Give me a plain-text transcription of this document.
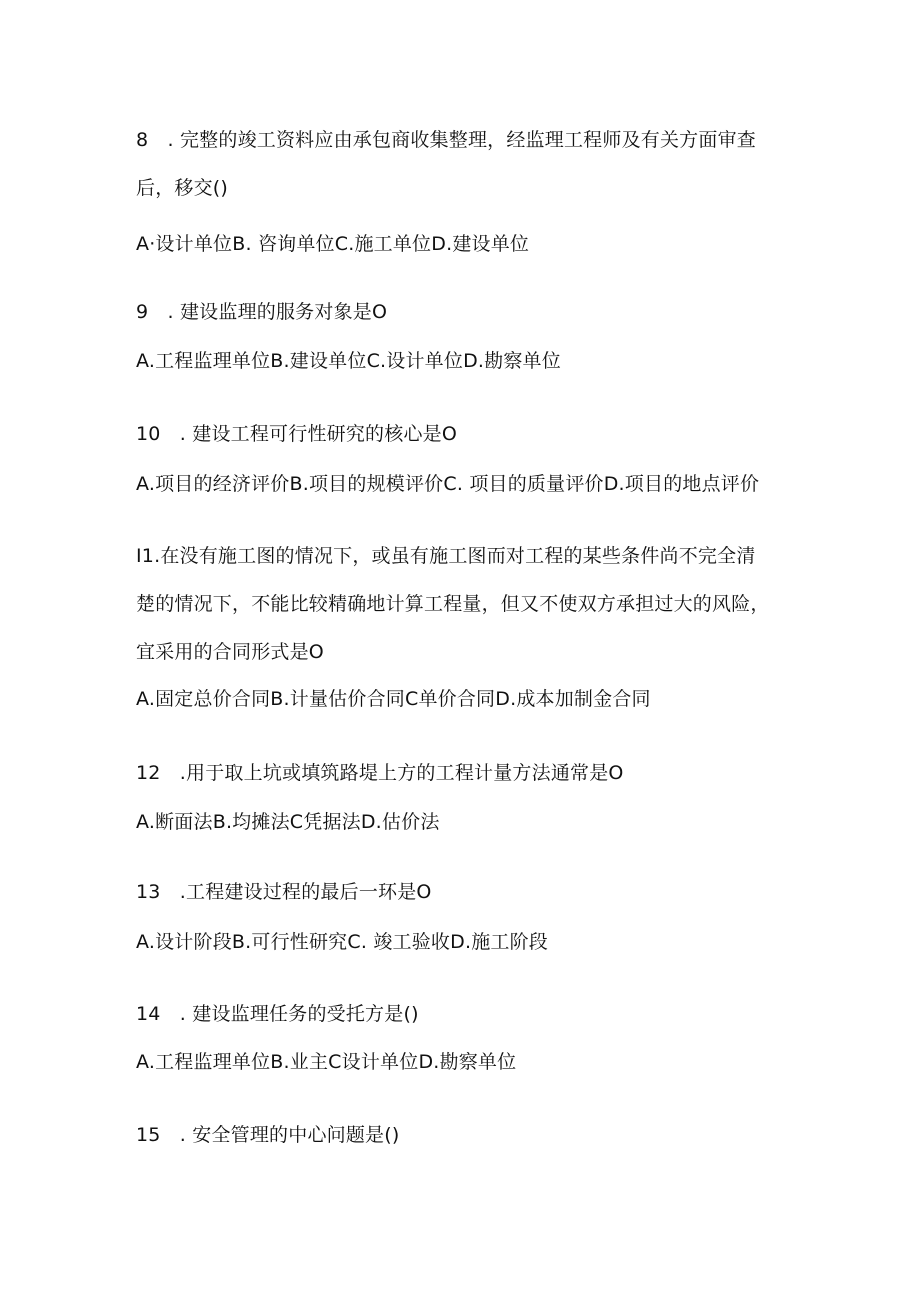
8　. 完整的竣工资料应由承包商收集整理，经监理工程师及有关方面审查
后，移交()
A·设计单位B. 咨询单位C.施工单位D.建设单位
9　. 建设监理的服务对象是O
A.工程监理单位B.建设单位C.设计单位D.勘察单位
10　. 建设工程可行性研究的核心是O
A.项目的经济评价B.项目的规模评价C. 项目的质量评价D.项目的地点评价
I1.在没有施工图的情况下，或虽有施工图而对工程的某些条件尚不完全清
楚的情况下，不能比较精确地计算工程量，但又不使双方承担过大的风险，
宜采用的合同形式是O
A.固定总价合同B.计量估价合同C单价合同D.成本加制金合同
12　.用于取上坑或填筑路堤上方的工程计量方法通常是O
A.断面法B.均摊法C凭据法D.估价法
13　.工程建设过程的最后一环是O
A.设计阶段B.可行性研究C. 竣工验收D.施工阶段
14　. 建设监理任务的受托方是()
A.工程监理单位B.业主C设计单位D.勘察单位
15　. 安全管理的中心问题是()
